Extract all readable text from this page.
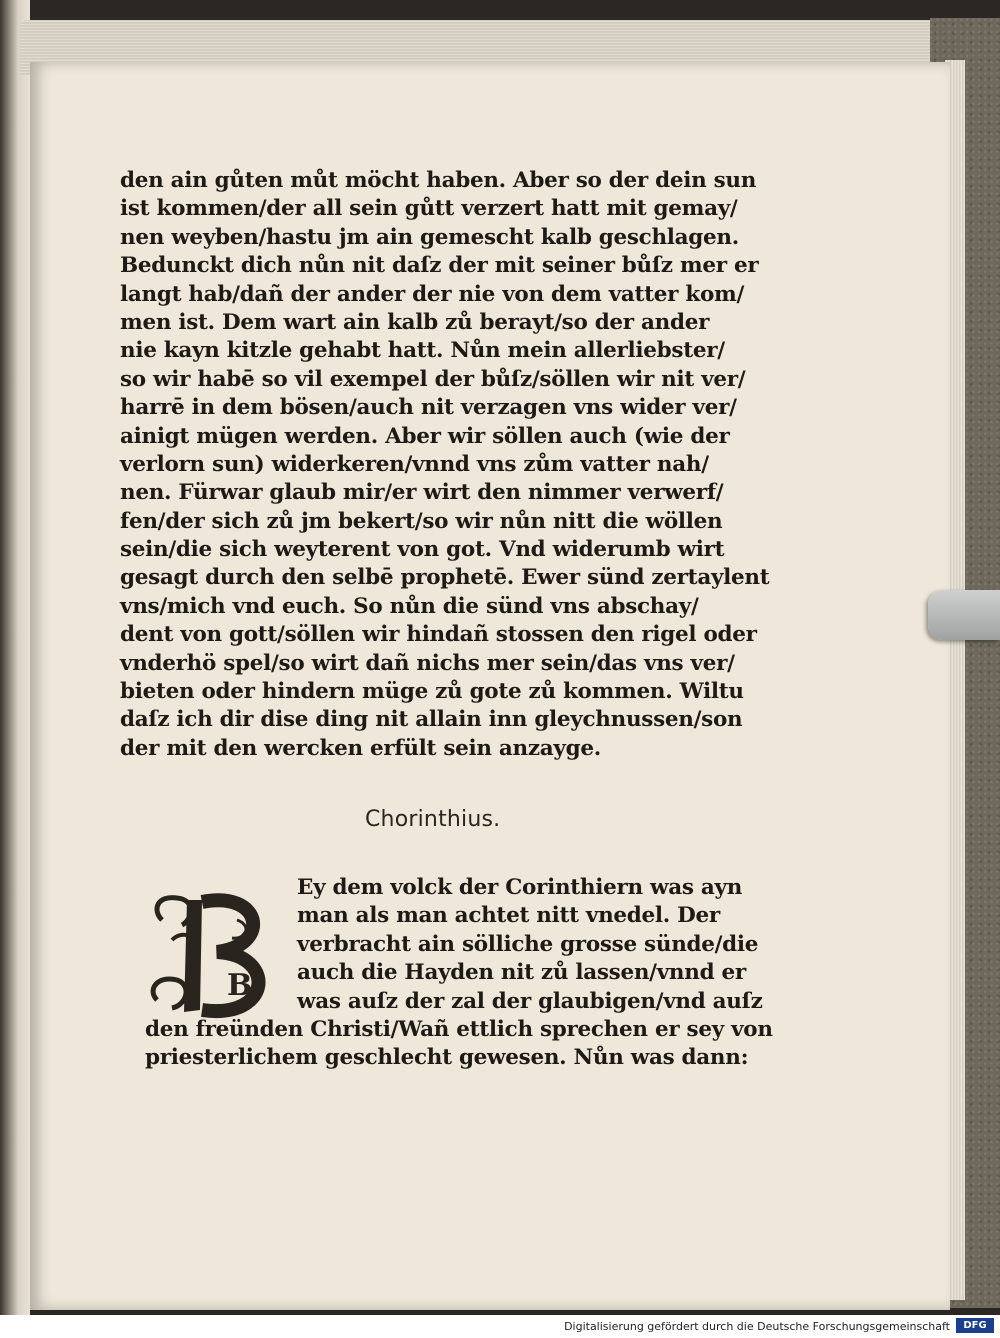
den ain gůten můt möcht haben. Aber so der dein sun
ist kommen/der all sein gůtt verzert hatt mit gemay/
nen weyben/hastu jm ain gemescht kalb geschlagen.
Bedunckt dich nůn nit daſz der mit seiner bůſz mer er
langt hab/dañ der ander der nie von dem vatter kom/
men ist. Dem wart ain kalb zů berayt/so der ander
nie kayn kitzle gehabt hatt. Nůn mein allerliebster/
so wir habē so vil exempel der bůſz/söllen wir nit ver/
harrē in dem bösen/auch nit verzagen vns wider ver/
ainigt mügen werden. Aber wir söllen auch (wie der
verlorn sun) widerkeren/vnnd vns zům vatter nah/
nen. Fürwar glaub mir/er wirt den nimmer verwerf/
fen/der sich zů jm bekert/so wir nůn nitt die wöllen
sein/die sich weyterent von got. Vnd widerumb wirt
gesagt durch den selbē prophetē. Ewer sünd zertaylent
vns/mich vnd euch. So nůn die sünd vns abschay/
dent von gott/söllen wir hindañ stossen den rigel oder
vnderhö spel/so wirt dañ nichs mer sein/das vns ver/
bieten oder hindern müge zů gote zů kommen. Wiltu
daſz ich dir dise ding nit allain inn gleychnussen/son
der mit den wercken erfült sein anzayge.
Chorinthius.
B
Ey dem volck der Corinthiern was ayn
man als man achtet nitt vnedel. Der
verbracht ain söllichе grosse sünde/die
auch die Hayden nit zů lassen/vnnd er
was auſz der zal der glaubigen/vnd auſz
den freünden Christi/Wañ ettlich sprechen er sey von
priesterlichem geschlecht gewesen. Nůn was dann:
Digitalisierung gefördert durch die Deutsche Forschungsgemeinschaft	DFG
